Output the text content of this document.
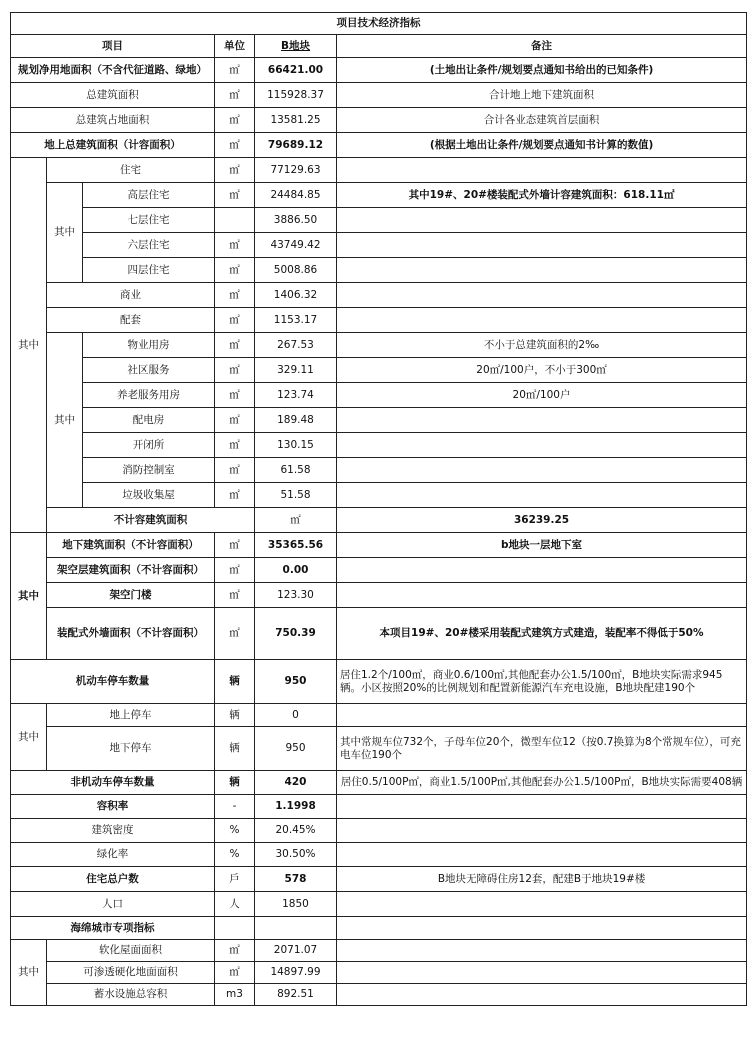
项目技术经济指标						
项目			单位	B地块	备注	
规划净用地面积（不含代征道路、绿地）			㎡	66421.00	(土地出让条件/规划要点通知书给出的已知条件)	
总建筑面积			㎡	115928.37	合计地上地下建筑面积	
总建筑占地面积			㎡	13581.25	合计各业态建筑首层面积	
地上总建筑面积（计容面积）			㎡	79689.12	(根据土地出让条件/规划要点通知书计算的数值)	
其中	住宅		㎡	77129.63		
	其中	高层住宅	㎡	24484.85	其中19#、20#楼装配式外墙计容建筑面积：618.11㎡	
		七层住宅		3886.50		
		六层住宅	㎡	43749.42		
		四层住宅	㎡	5008.86		
	商业		㎡	1406.32		
	配套		㎡	1153.17		
	其中	物业用房	㎡	267.53	不小于总建筑面积的2‰	
		社区服务	㎡	329.11	20㎡/100户，不小于300㎡	
		养老服务用房	㎡	123.74	20㎡/100户	
		配电房	㎡	189.48		
		开闭所	㎡	130.15		
		消防控制室	㎡	61.58		
		垃圾收集屋	㎡	51.58		
	不计容建筑面积			㎡	36239.25	
其中	地下建筑面积（不计容面积）		㎡	35365.56	b地块一层地下室	
	架空层建筑面积（不计容面积）		㎡	0.00		
	架空门楼		㎡	123.30		
	装配式外墙面积（不计容面积）		㎡	750.39	本项目19#、20#楼采用装配式建筑方式建造，装配率不得低于50%	
机动车停车数量			辆	950	居住1.2个/100㎡，商业0.6/100㎡,其他配套办公1.5/100㎡，B地块实际需求945辆。小区按照20%的比例规划和配置新能源汽车充电设施，B地块配建190个	
其中	地上停车		辆	0		
	地下停车		辆	950	其中常规车位732个，子母车位20个，微型车位12（按0.7换算为8个常规车位），可充电车位190个	
非机动车停车数量			辆	420	居住0.5/100P㎡，商业1.5/100P㎡,其他配套办公1.5/100P㎡，B地块实际需要408辆	
容积率			-	1.1998		
建筑密度			%	20.45%		
绿化率			%	30.50%		
住宅总户数			戶	578	B地块无障碍住房12套，配建B于地块19#楼	
人口			人	1850		
海绵城市专项指标						
其中	软化屋面面积		㎡	2071.07		
	可渗透硬化地面面积		㎡	14897.99		
	蓄水设施总容积		m3	892.51		
